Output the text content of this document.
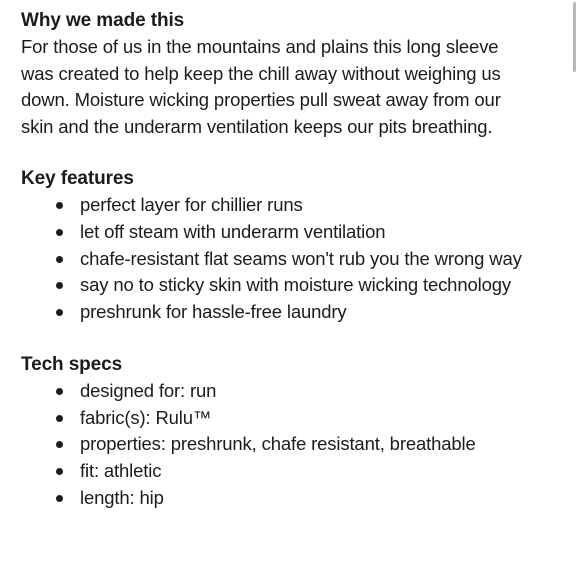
Why we made this
For those of us in the mountains and plains this long sleeve
was created to help keep the chill away without weighing us
down. Moisture wicking properties pull sweat away from our
skin and the underarm ventilation keeps our pits breathing.
Key features
perfect layer for chillier runs
let off steam with underarm ventilation
chafe-resistant flat seams won't rub you the wrong way
say no to sticky skin with moisture wicking technology
preshrunk for hassle-free laundry
Tech specs
designed for: run
fabric(s): Rulu™
properties: preshrunk, chafe resistant, breathable
fit: athletic
length: hip
